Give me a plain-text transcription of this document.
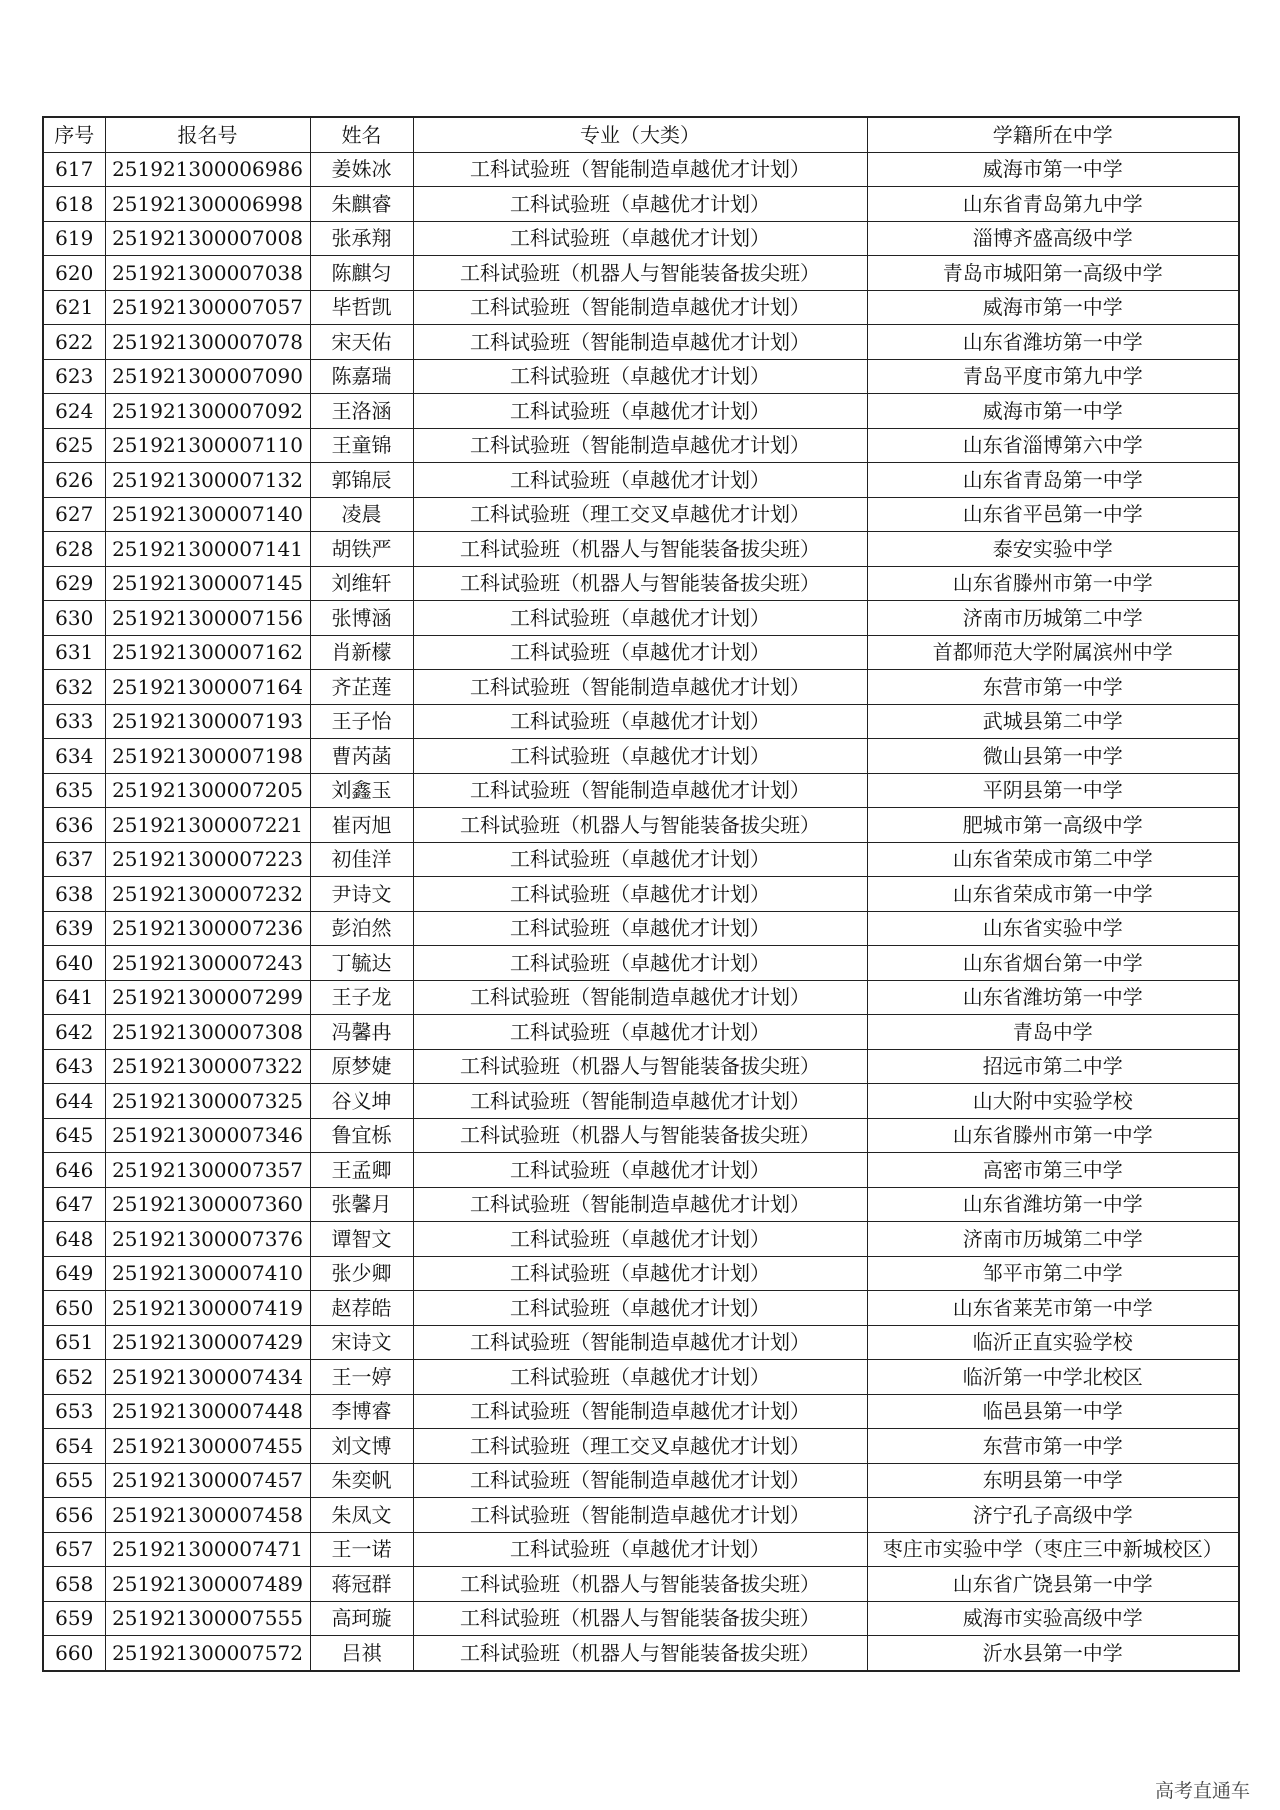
序号	报名号	姓名	专业（大类）	学籍所在中学
617	251921300006986	姜姝冰	工科试验班（智能制造卓越优才计划）	威海市第一中学
618	251921300006998	朱麒睿	工科试验班（卓越优才计划）	山东省青岛第九中学
619	251921300007008	张承翔	工科试验班（卓越优才计划）	淄博齐盛高级中学
620	251921300007038	陈麒匀	工科试验班（机器人与智能装备拔尖班）	青岛市城阳第一高级中学
621	251921300007057	毕哲凯	工科试验班（智能制造卓越优才计划）	威海市第一中学
622	251921300007078	宋天佑	工科试验班（智能制造卓越优才计划）	山东省潍坊第一中学
623	251921300007090	陈嘉瑞	工科试验班（卓越优才计划）	青岛平度市第九中学
624	251921300007092	王洛涵	工科试验班（卓越优才计划）	威海市第一中学
625	251921300007110	王童锦	工科试验班（智能制造卓越优才计划）	山东省淄博第六中学
626	251921300007132	郭锦辰	工科试验班（卓越优才计划）	山东省青岛第一中学
627	251921300007140	凌晨	工科试验班（理工交叉卓越优才计划）	山东省平邑第一中学
628	251921300007141	胡铁严	工科试验班（机器人与智能装备拔尖班）	泰安实验中学
629	251921300007145	刘维轩	工科试验班（机器人与智能装备拔尖班）	山东省滕州市第一中学
630	251921300007156	张博涵	工科试验班（卓越优才计划）	济南市历城第二中学
631	251921300007162	肖新檬	工科试验班（卓越优才计划）	首都师范大学附属滨州中学
632	251921300007164	齐芷莲	工科试验班（智能制造卓越优才计划）	东营市第一中学
633	251921300007193	王子怡	工科试验班（卓越优才计划）	武城县第二中学
634	251921300007198	曹芮菡	工科试验班（卓越优才计划）	微山县第一中学
635	251921300007205	刘鑫玉	工科试验班（智能制造卓越优才计划）	平阴县第一中学
636	251921300007221	崔丙旭	工科试验班（机器人与智能装备拔尖班）	肥城市第一高级中学
637	251921300007223	初佳洋	工科试验班（卓越优才计划）	山东省荣成市第二中学
638	251921300007232	尹诗文	工科试验班（卓越优才计划）	山东省荣成市第一中学
639	251921300007236	彭泊然	工科试验班（卓越优才计划）	山东省实验中学
640	251921300007243	丁毓达	工科试验班（卓越优才计划）	山东省烟台第一中学
641	251921300007299	王子龙	工科试验班（智能制造卓越优才计划）	山东省潍坊第一中学
642	251921300007308	冯馨冉	工科试验班（卓越优才计划）	青岛中学
643	251921300007322	原梦婕	工科试验班（机器人与智能装备拔尖班）	招远市第二中学
644	251921300007325	谷义坤	工科试验班（智能制造卓越优才计划）	山大附中实验学校
645	251921300007346	鲁宜栎	工科试验班（机器人与智能装备拔尖班）	山东省滕州市第一中学
646	251921300007357	王孟卿	工科试验班（卓越优才计划）	高密市第三中学
647	251921300007360	张馨月	工科试验班（智能制造卓越优才计划）	山东省潍坊第一中学
648	251921300007376	谭智文	工科试验班（卓越优才计划）	济南市历城第二中学
649	251921300007410	张少卿	工科试验班（卓越优才计划）	邹平市第二中学
650	251921300007419	赵荐皓	工科试验班（卓越优才计划）	山东省莱芜市第一中学
651	251921300007429	宋诗文	工科试验班（智能制造卓越优才计划）	临沂正直实验学校
652	251921300007434	王一婷	工科试验班（卓越优才计划）	临沂第一中学北校区
653	251921300007448	李博睿	工科试验班（智能制造卓越优才计划）	临邑县第一中学
654	251921300007455	刘文博	工科试验班（理工交叉卓越优才计划）	东营市第一中学
655	251921300007457	朱奕帆	工科试验班（智能制造卓越优才计划）	东明县第一中学
656	251921300007458	朱凤文	工科试验班（智能制造卓越优才计划）	济宁孔子高级中学
657	251921300007471	王一诺	工科试验班（卓越优才计划）	枣庄市实验中学（枣庄三中新城校区）
658	251921300007489	蒋冠群	工科试验班（机器人与智能装备拔尖班）	山东省广饶县第一中学
659	251921300007555	高珂璇	工科试验班（机器人与智能装备拔尖班）	威海市实验高级中学
660	251921300007572	吕祺	工科试验班（机器人与智能装备拔尖班）	沂水县第一中学
高考直通车
